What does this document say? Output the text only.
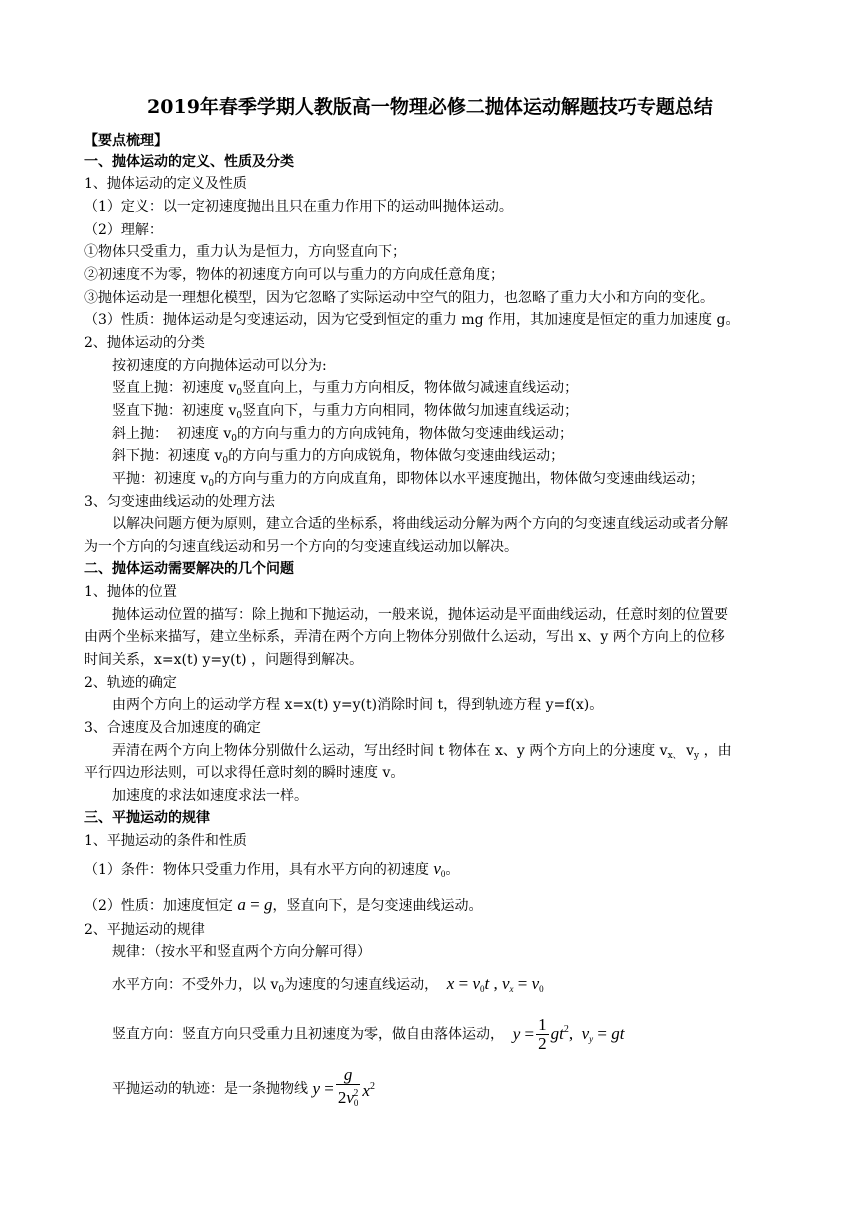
2019年春季学期人教版高一物理必修二抛体运动解题技巧专题总结
【要点梳理】
一、抛体运动的定义、性质及分类
1、抛体运动的定义及性质
（1）定义：以一定初速度抛出且只在重力作用下的运动叫抛体运动。
（2）理解：
①物体只受重力，重力认为是恒力，方向竖直向下；
②初速度不为零，物体的初速度方向可以与重力的方向成任意角度；
③抛体运动是一理想化模型，因为它忽略了实际运动中空气的阻力，也忽略了重力大小和方向的变化。
（3）性质：抛体运动是匀变速运动，因为它受到恒定的重力 mg 作用，其加速度是恒定的重力加速度 g。
2、抛体运动的分类
按初速度的方向抛体运动可以分为:
竖直上抛：初速度 $v_0$竖直向上，与重力方向相反，物体做匀减速直线运动；
竖直下抛：初速度 $v_0$竖直向下，与重力方向相同，物体做匀加速直线运动；
斜上抛：  初速度 $v_0$的方向与重力的方向成钝角，物体做匀变速曲线运动；
斜下抛：初速度 $v_0$的方向与重力的方向成锐角，物体做匀变速曲线运动；
平抛：初速度 $v_0$的方向与重力的方向成直角，即物体以水平速度抛出，物体做匀变速曲线运动；
3、匀变速曲线运动的处理方法
以解决问题方便为原则，建立合适的坐标系，将曲线运动分解为两个方向的匀变速直线运动或者分解
为一个方向的匀速直线运动和另一个方向的匀变速直线运动加以解决。
二、抛体运动需要解决的几个问题
1、抛体的位置
抛体运动位置的描写：除上抛和下抛运动，一般来说，抛体运动是平面曲线运动，任意时刻的位置要
由两个坐标来描写，建立坐标系，弄清在两个方向上物体分别做什么运动，写出 x、y 两个方向上的位移
时间关系，x=x(t) y=y(t) ，问题得到解决。
2、轨迹的确定
由两个方向上的运动学方程 x=x(t) y=y(t)消除时间 t，得到轨迹方程 y=f(x)。
3、合速度及合加速度的确定
弄清在两个方向上物体分别做什么运动，写出经时间 t 物体在 x、y 两个方向上的分速度 $v_{x、}$ $v_y$ ，由
平行四边形法则，可以求得任意时刻的瞬时速度 v。
加速度的求法如速度求法一样。
三、平抛运动的规律
1、平抛运动的条件和性质
（1）条件：物体只受重力作用，具有水平方向的初速度 $v_0$。
（2）性质：加速度恒定 a = g，竖直向下，是匀变速曲线运动。
2、平抛运动的规律
规律：（按水平和竖直两个方向分解可得）
水平方向：不受外力，以 $v_0$为速度的匀速直线运动，  $x = v_0t$ , $v_x = v_0$
竖直方向：竖直方向只受重力且初速度为零，做自由落体运动，  $y = \frac{1}{2} gt^2$,  $v_y$ = gt
平抛运动的轨迹：是一条抛物线 $y = \frac{g}{2v_0^2} x^2$
